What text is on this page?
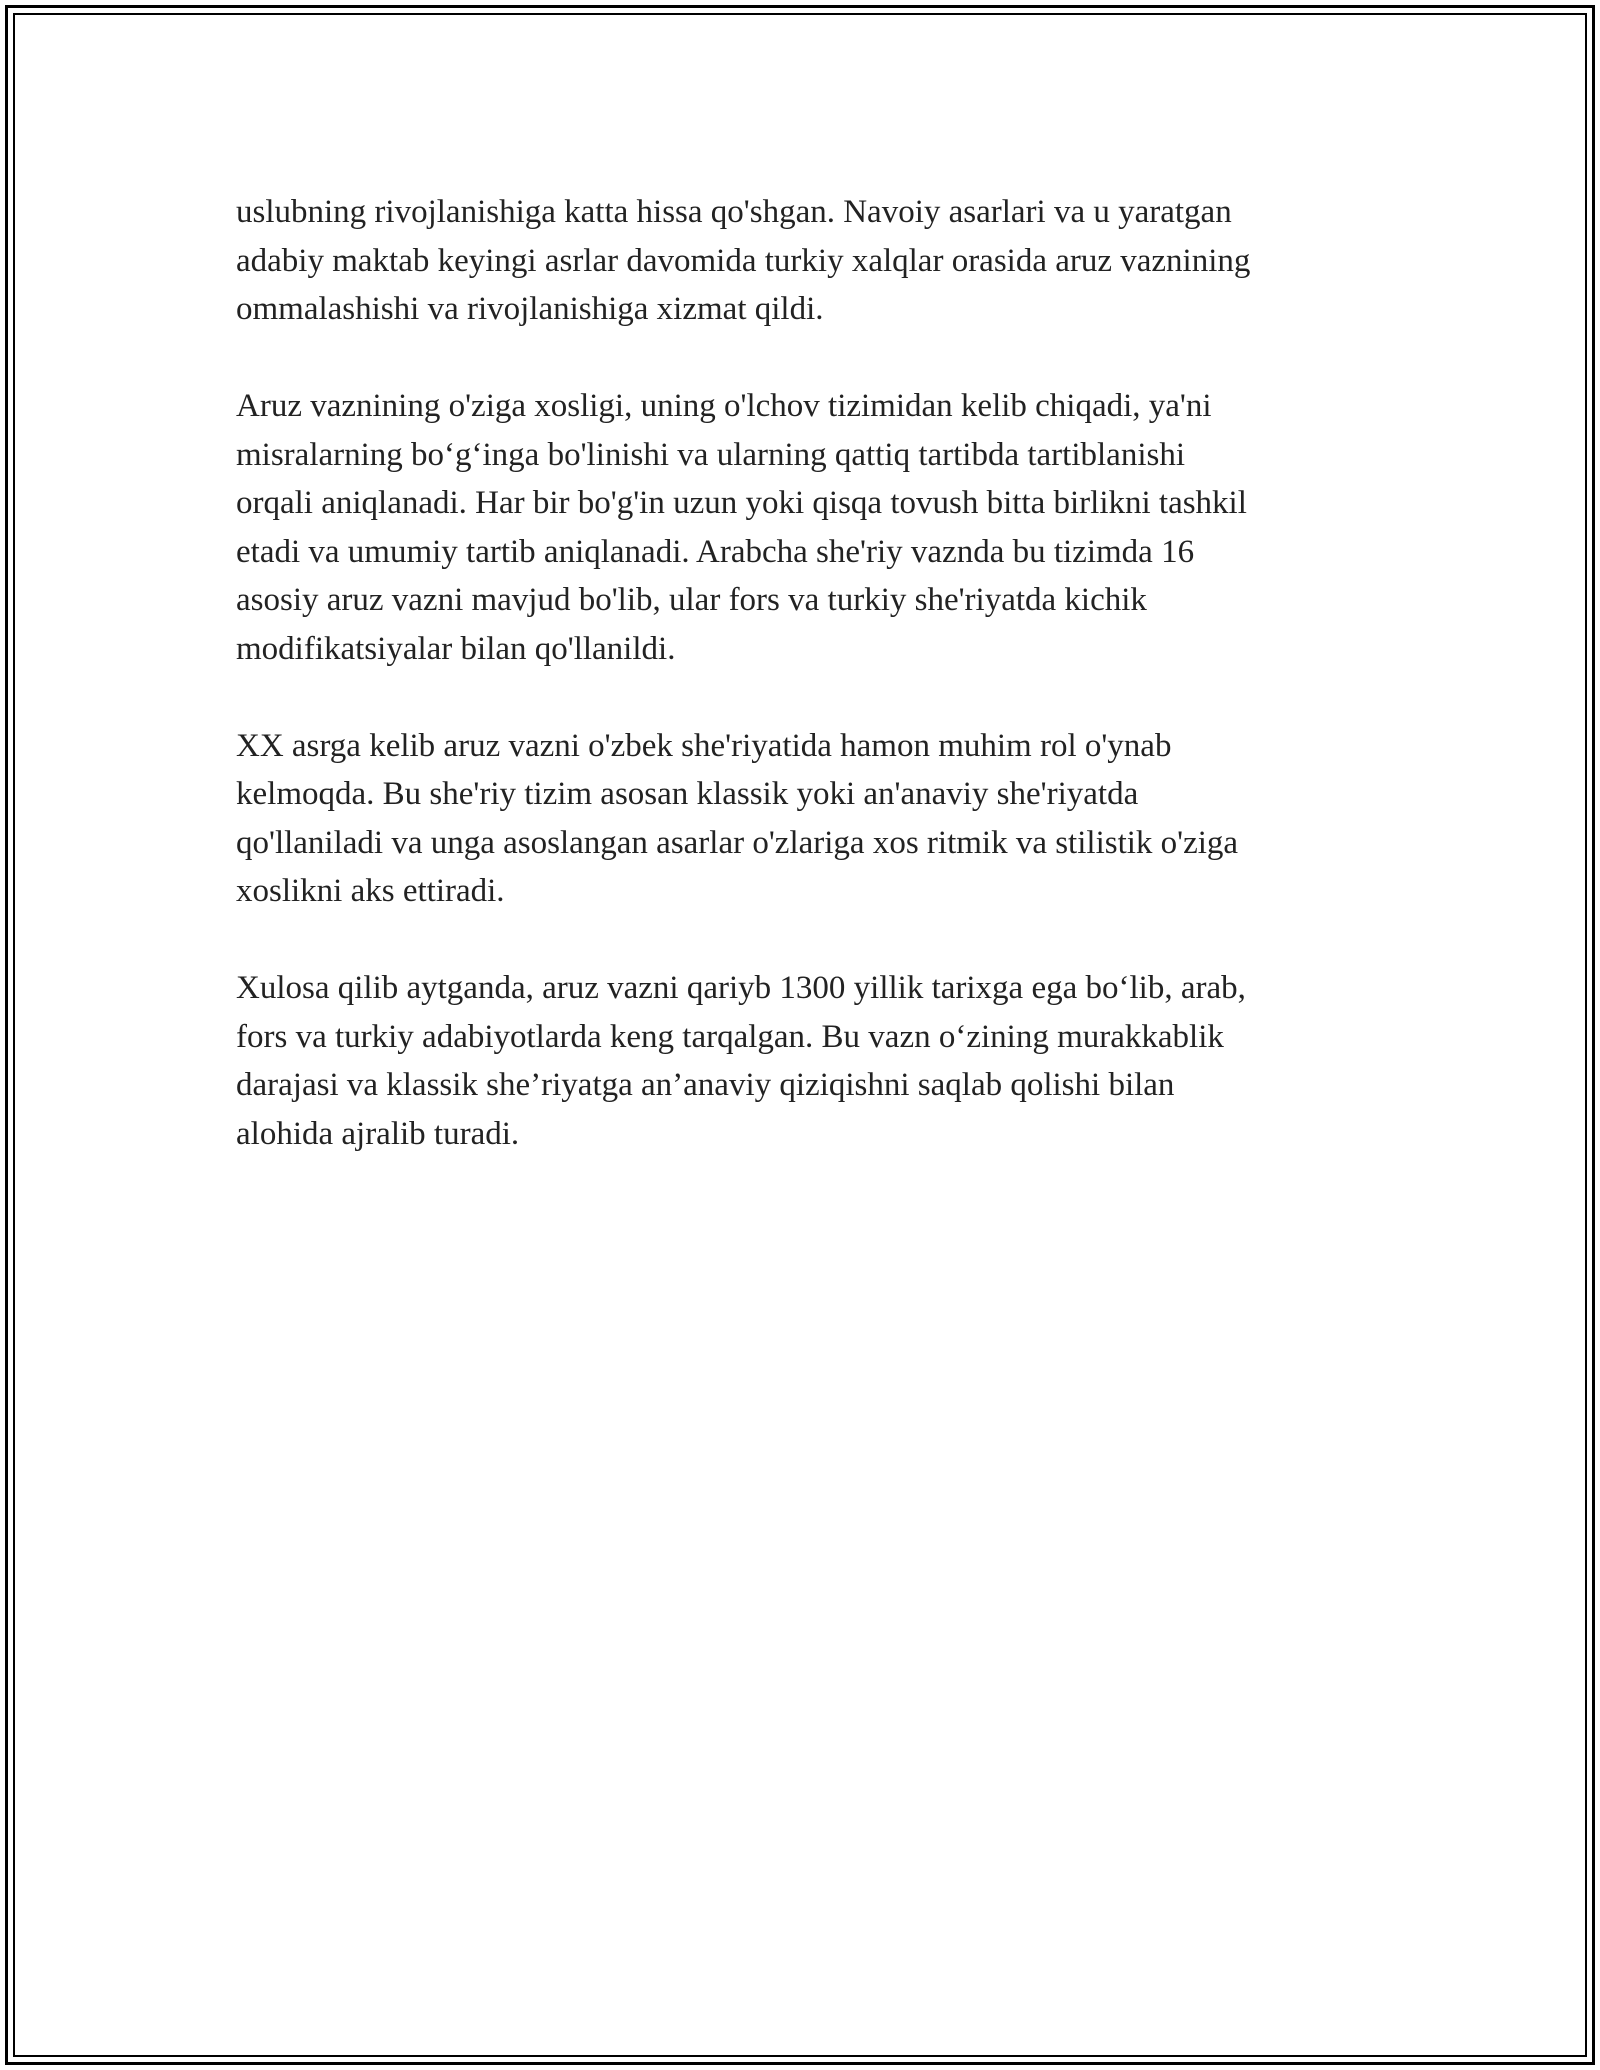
uslubning rivojlanishiga katta hissa qo'shgan. Navoiy asarlari va u yaratgan
adabiy maktab keyingi asrlar davomida turkiy xalqlar orasida aruz vaznining
ommalashishi va rivojlanishiga xizmat qildi.

Aruz vaznining o'ziga xosligi, uning o'lchov tizimidan kelib chiqadi, ya'ni
misralarning bo‘g‘inga bo'linishi va ularning qattiq tartibda tartiblanishi
orqali aniqlanadi. Har bir bo'g'in uzun yoki qisqa tovush bitta birlikni tashkil
etadi va umumiy tartib aniqlanadi. Arabcha she'riy vaznda bu tizimda 16
asosiy aruz vazni mavjud bo'lib, ular fors va turkiy she'riyatda kichik
modifikatsiyalar bilan qo'llanildi.

XX asrga kelib aruz vazni o'zbek she'riyatida hamon muhim rol o'ynab
kelmoqda. Bu she'riy tizim asosan klassik yoki an'anaviy she'riyatda
qo'llaniladi va unga asoslangan asarlar o'zlariga xos ritmik va stilistik o'ziga
xoslikni aks ettiradi.

Xulosa qilib aytganda, aruz vazni qariyb 1300 yillik tarixga ega bo‘lib, arab,
fors va turkiy adabiyotlarda keng tarqalgan. Bu vazn o‘zining murakkablik
darajasi va klassik she’riyatga an’anaviy qiziqishni saqlab qolishi bilan
alohida ajralib turadi.
